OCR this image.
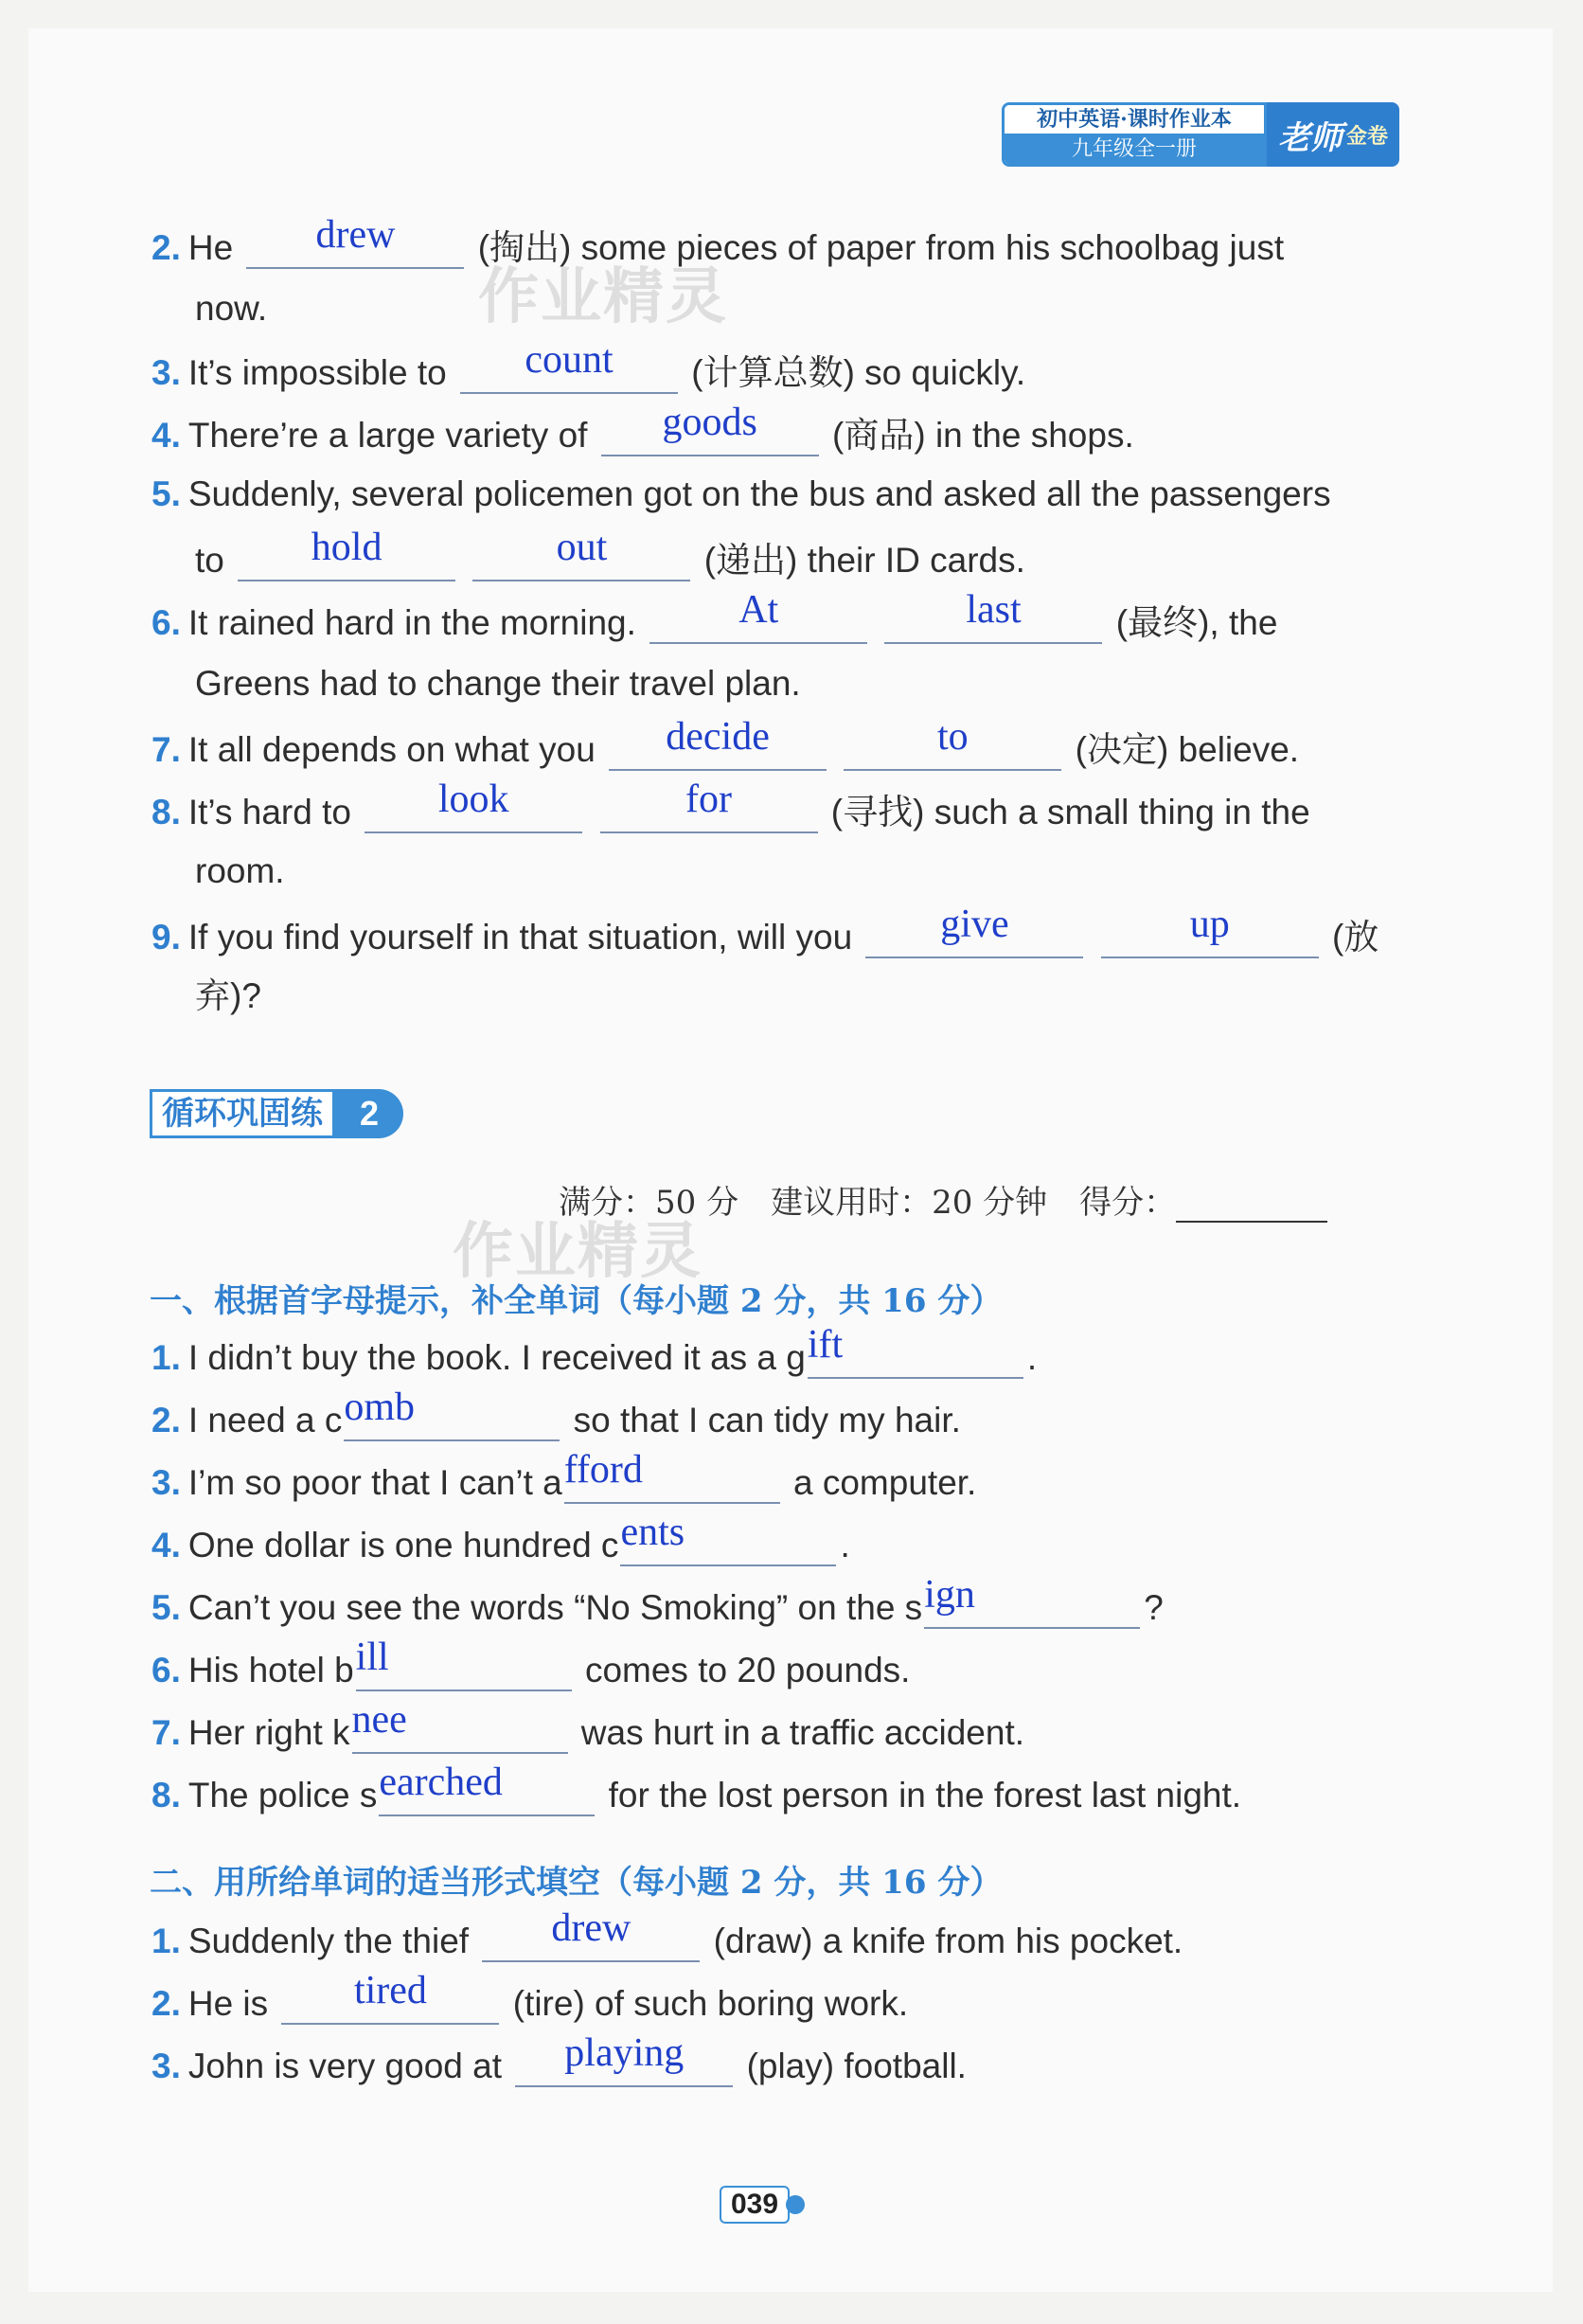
初中英语·课时作业本
九年级全一册	老师 金卷
作业精灵
作业精灵
2. He drew (掏出) some pieces of paper from his schoolbag just
now.
3. It’s impossible to count (计算总数) so quickly.
4. There’re a large variety of goods (商品) in the shops.
5. Suddenly, several policemen got on the bus and asked all the passengers
to hold	out	(递出) their ID cards.
6. It rained hard in the morning.	At	last	(最终), the
Greens had to change their travel plan.
7. It all depends on what you decide	to	(决定) believe.
8. It’s hard to look	for	(寻找) such a small thing in the
room.
9. If you find yourself in that situation, will you give	up	(放
弃)?
循环巩固练	2
满分：50 分　建议用时：20 分钟　得分：
一、根据首字母提示，补全单词（每小题 2 分，共 16 分）
1. I didn’t buy the book. I received it as a gift	.
2. I need a comb	so that I can tidy my hair.
3. I’m so poor that I can’t afford	a computer.
4. One dollar is one hundred cents	.
5. Can’t you see the words “No Smoking” on the sign	?
6. His hotel bill	comes to 20 pounds.
7. Her right knee	was hurt in a traffic accident.
8. The police searched	for the lost person in the forest last night.
二、用所给单词的适当形式填空（每小题 2 分，共 16 分）
1. Suddenly the thief drew (draw) a knife from his pocket.
2. He is tired (tire) of such boring work.
3. John is very good at playing (play) football.
039
